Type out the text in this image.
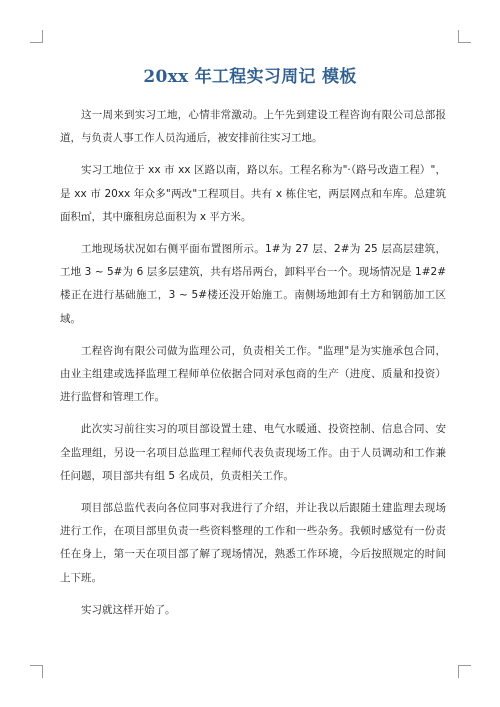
20xx 年工程实习周记 模板

这一周来到实习工地，心情非常激动。上午先到建设工程咨询有限公司总部报道，与负责人事工作人员沟通后，被安排前往实习工地。

实习工地位于 xx 市 xx 区路以南，路以东。工程名称为"·（路号改造工程）"，是 xx 市 20xx 年众多"两改"工程项目。共有 x 栋住宅，两层网点和车库。总建筑面积㎡，其中廉租房总面积为 x 平方米。

工地现场状况如右侧平面布置图所示。1#为 27 层、2#为 25 层高层建筑，工地 3 ~ 5#为 6 层多层建筑，共有塔吊两台，卸料平台一个。现场情况是 1#2#楼正在进行基础施工，3 ~ 5#楼还没开始施工。南侧场地卸有土方和钢筋加工区域。

工程咨询有限公司做为监理公司，负责相关工作。"监理"是为实施承包合同，由业主组建或选择监理工程师单位依据合同对承包商的生产（进度、质量和投资）进行监督和管理工作。

此次实习前往实习的项目部设置土建、电气水暖通、投资控制、信息合同、安全监理组，另设一名项目总监理工程师代表负责现场工作。由于人员调动和工作兼任问题，项目部共有组 5 名成员，负责相关工作。

项目部总监代表向各位同事对我进行了介绍，并让我以后跟随土建监理去现场进行工作，在项目部里负责一些资料整理的工作和一些杂务。我顿时感觉有一份责任在身上，第一天在项目部了解了现场情况，熟悉工作环境，今后按照规定的时间上下班。

实习就这样开始了。
